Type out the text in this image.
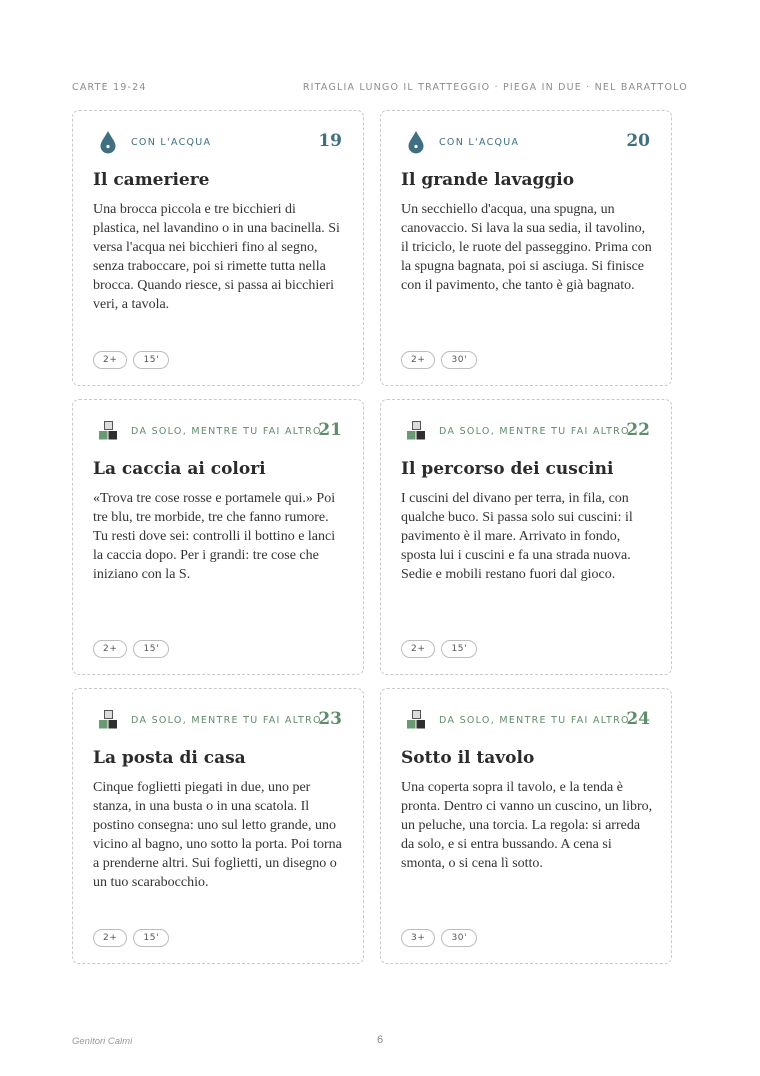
CARTE 19-24	RITAGLIA LUNGO IL TRATTEGGIO · PIEGA IN DUE · NEL BARATTOLO
CON L'ACQUA	19
Il cameriere

Una brocca piccola e tre bicchieri di plastica, nel lavandino o in una bacinella. Si versa l'acqua nei bicchieri fino al segno, senza traboccare, poi si rimette tutta nella brocca. Quando riesce, si passa ai bicchieri veri, a tavola.

2+	15'
CON L'ACQUA	20
Il grande lavaggio

Un secchiello d'acqua, una spugna, un canovaccio. Si lava la sua sedia, il tavolino, il triciclo, le ruote del passeggino. Prima con la spugna bagnata, poi si asciuga. Si finisce con il pavimento, che tanto è già bagnato.

2+	30'
DA SOLO, MENTRE TU FAI ALTRO
21
La caccia ai colori

«Trova tre cose rosse e portamele qui.» Poi tre blu, tre morbide, tre che fanno rumore. Tu resti dove sei: controlli il bottino e lanci la caccia dopo. Per i grandi: tre cose che iniziano con la S.

2+	15'
DA SOLO, MENTRE TU FAI ALTRO
22
Il percorso dei cuscini

I cuscini del divano per terra, in fila, con qualche buco. Si passa solo sui cuscini: il pavimento è il mare. Arrivato in fondo, sposta lui i cuscini e fa una strada nuova. Sedie e mobili restano fuori dal gioco.

2+	15'
DA SOLO, MENTRE TU FAI ALTRO
23
La posta di casa

Cinque foglietti piegati in due, uno per stanza, in una busta o in una scatola. Il postino consegna: uno sul letto grande, uno vicino al bagno, uno sotto la porta. Poi torna a prenderne altri. Sui foglietti, un disegno o un tuo scarabocchio.

2+	15'
DA SOLO, MENTRE TU FAI ALTRO
24
Sotto il tavolo

Una coperta sopra il tavolo, e la tenda è pronta. Dentro ci vanno un cuscino, un libro, un peluche, una torcia. La regola: si arreda da solo, e si entra bussando. A cena si smonta, o si cena lì sotto.

3+	30'
Genitori Calmi	6
